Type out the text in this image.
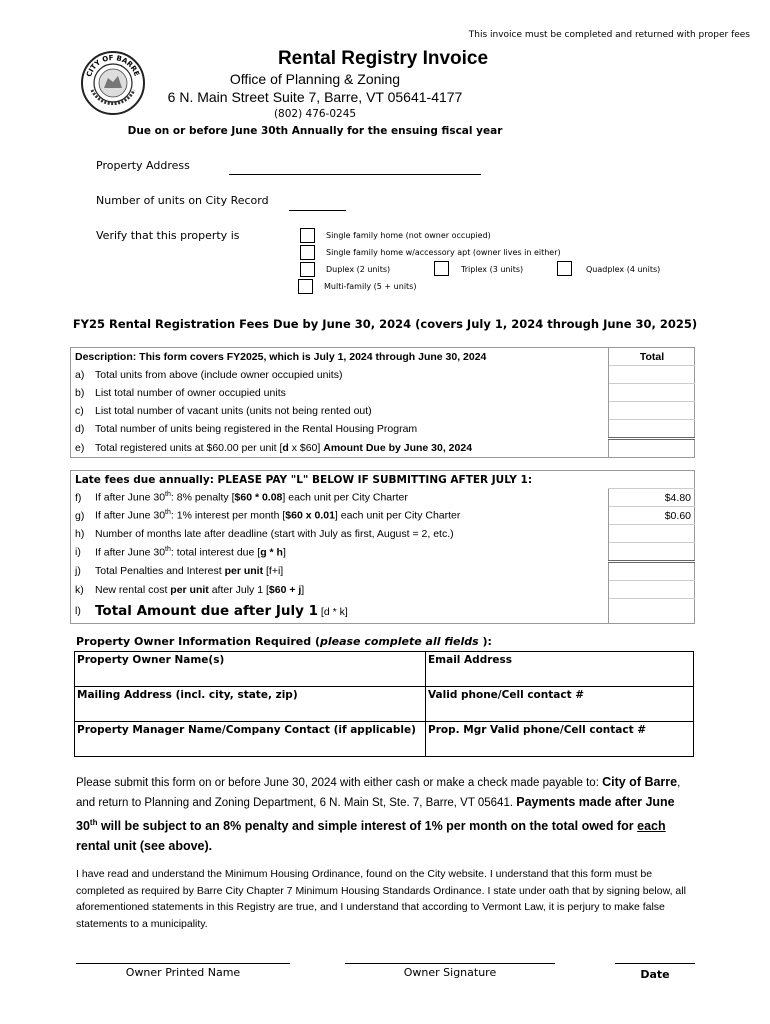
This invoice must be completed and returned with proper fees
CITY OF BARRE
Rental Registry Invoice
Office of Planning & Zoning
6 N. Main Street Suite 7, Barre, VT 05641-4177
(802) 476-0245
Due on or before June 30th Annually for the ensuing fiscal year
Property Address
Number of units on City Record
Verify that this property is	Single family home (not owner occupied)
Single family home w/accessory apt (owner lives in either)
Duplex (2 units)	Triplex (3 units)	Quadplex (4 units)
Multi-family (5 + units)
FY25 Rental Registration Fees Due by June 30, 2024 (covers July 1, 2024 through June 30, 2025)
Description: This form covers FY2025, which is July 1, 2024 through June 30, 2024		Total
a)	Total units from above (include owner occupied units)	
b)	List total number of owner occupied units	
c)	List total number of vacant units (units not being rented out)	
d)	Total number of units being registered in the Rental Housing Program	
e)	Total registered units at $60.00 per unit [d x $60] Amount Due by June 30, 2024	
Late fees due annually: PLEASE PAY "L" BELOW IF SUBMITTING AFTER JULY 1:		
f)	If after June 30th: 8% penalty [$60 * 0.08] each unit per City Charter	$4.80
g)	If after June 30th: 1% interest per month [$60 x 0.01] each unit per City Charter	$0.60
h)	Number of months late after deadline (start with July as first, August = 2, etc.)	
i)	If after June 30th: total interest due [g * h]	
j)	Total Penalties and Interest per unit [f+i]	
k)	New rental cost per unit after July 1 [$60 + j]	
l)	Total Amount due after July 1 [d * k]	
Property Owner Information Required (please complete all fields ):
Property Owner Name(s)	Email Address
Mailing Address (incl. city, state, zip)	Valid phone/Cell contact #
Property Manager Name/Company Contact (if applicable)	Prop. Mgr Valid phone/Cell contact #
Please submit this form on or before June 30, 2024 with either cash or make a check made payable to: City of Barre, and return to Planning and Zoning Department, 6 N. Main St, Ste. 7, Barre, VT 05641. Payments made after June 30th will be subject to an 8% penalty and simple interest of 1% per month on the total owed for each rental unit (see above).
I have read and understand the Minimum Housing Ordinance, found on the City website. I understand that this form must be completed as required by Barre City Chapter 7 Minimum Housing Standards Ordinance. I state under oath that by signing below, all aforementioned statements in this Registry are true, and I understand that according to Vermont Law, it is perjury to make false statements to a municipality.
Owner Printed Name	Owner Signature	Date
